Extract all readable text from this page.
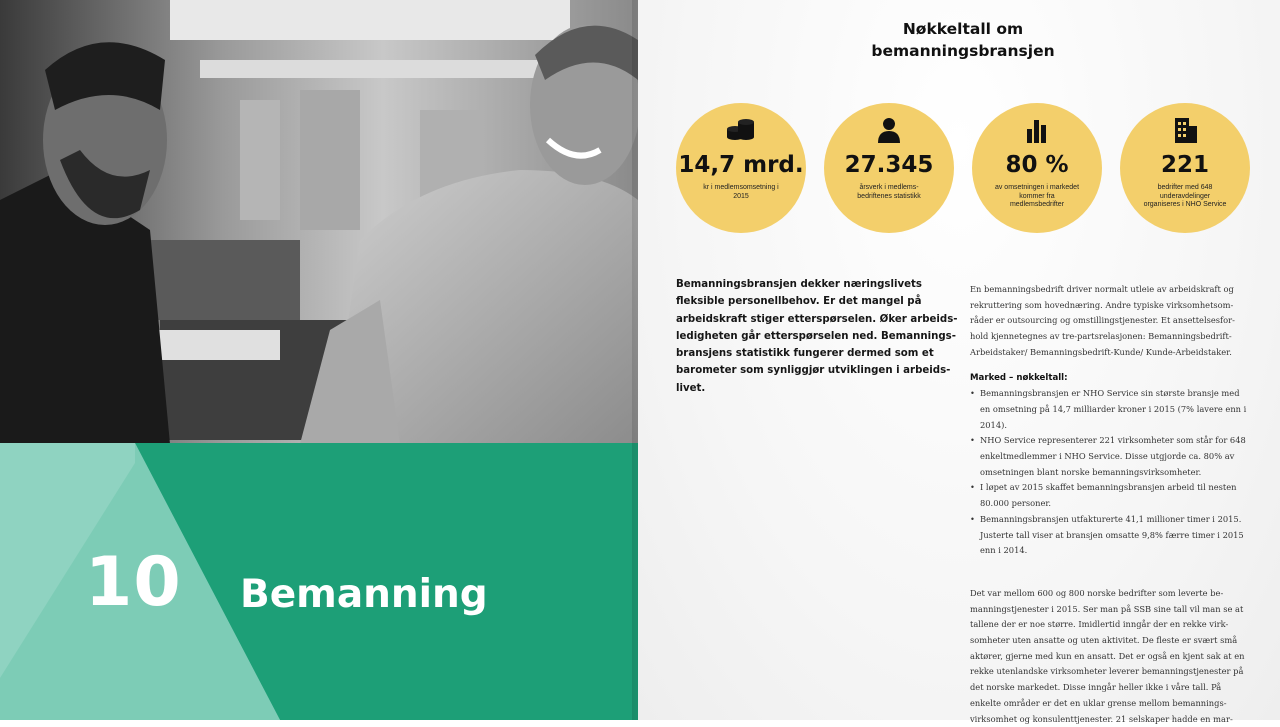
10 Bemanning
Nøkkeltall om
bemanningsbransjen
14,7 mrd.
kr i medlemsomsetning i 2015
27.345
årsverk i medlems-bedriftenes statistikk
80 %
av omsetningen i markedet kommer fra medlemsbedrifter
221
bedrifter med 648 underavdelinger organiseres i NHO Service
Bemanningsbransjen dekker næringslivets fleksible personellbehov. Er det mangel på arbeidskraft stiger etterspørselen. Øker arbeids-ledigheten går etterspørselen ned. Bemannings-bransjens statistikk fungerer dermed som et barometer som synliggjør utviklingen i arbeids-livet.

En bemanningsbedrift driver normalt utleie av arbeidskraft og rekruttering som hovednæring. Andre typiske virksomhetsom-råder er outsourcing og omstillingstjenester. Et ansettelsesfor-hold kjennetegnes av tre-partsrelasjonen: Bemanningsbedrift-Arbeidstaker/ Bemanningsbedrift-Kunde/ Kunde-Arbeidstaker.

Marked – nøkkeltall:

• Bemanningsbransjen er NHO Service sin største bransje med en omsetning på 14,7 milliarder kroner i 2015 (7% lavere enn i 2014).
• NHO Service representerer 221 virksomheter som står for 648 enkeltmedlemmer i NHO Service. Disse utgjorde ca. 80% av omsetningen blant norske bemanningsvirksomheter.
• I løpet av 2015 skaffet bemanningsbransjen arbeid til nesten 80.000 personer.
• Bemanningsbransjen utfakturerte 41,1 millioner timer i 2015. Justerte tall viser at bransjen omsatte 9,8% færre timer i 2015 enn i 2014.

Det var mellom 600 og 800 norske bedrifter som leverte be-manningstjenester i 2015. Ser man på SSB sine tall vil man se at tallene der er noe større. Imidlertid inngår der en rekke virk-somheter uten ansatte og uten aktivitet. De fleste er svært små aktører, gjerne med kun en ansatt. Det er også en kjent sak at en rekke utenlandske virksomheter leverer bemanningstjenester på det norske markedet. Disse inngår heller ikke i våre tall. På enkelte områder er det en uklar grense mellom bemannings-virksomhet og konsulenttjenester. 21 selskaper hadde en mar-
